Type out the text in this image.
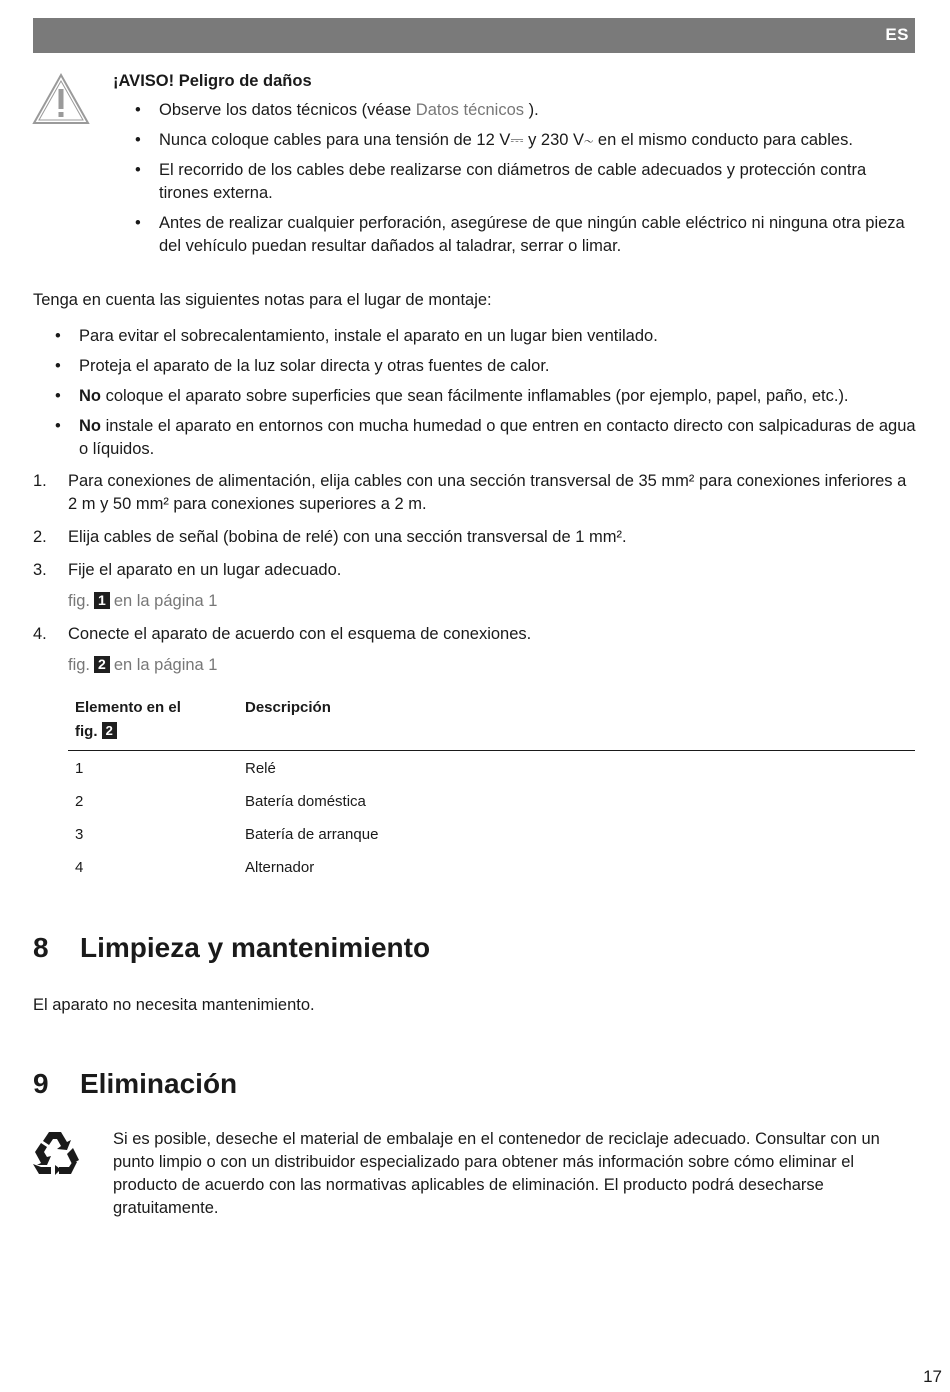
ES

¡AVISO! Peligro de daños

• Observe los datos técnicos (véase Datos técnicos ).
• Nunca coloque cables para una tensión de 12 V⎓ y 230 V∼ en el mismo conducto para cables.
• El recorrido de los cables debe realizarse con diámetros de cable adecuados y protección contra tirones externa.
• Antes de realizar cualquier perforación, asegúrese de que ningún cable eléctrico ni ninguna otra pieza del vehículo puedan resultar dañados al taladrar, serrar o limar.
Tenga en cuenta las siguientes notas para el lugar de montaje:
• Para evitar el sobrecalentamiento, instale el aparato en un lugar bien ventilado.
• Proteja el aparato de la luz solar directa y otras fuentes de calor.
• No coloque el aparato sobre superficies que sean fácilmente inflamables (por ejemplo, papel, paño, etc.).
• No instale el aparato en entornos con mucha humedad o que entren en contacto directo con salpicaduras de agua o líquidos.
1. Para conexiones de alimentación, elija cables con una sección transversal de 35 mm² para conexiones inferiores a 2 m y 50 mm² para conexiones superiores a 2 m.
2. Elija cables de señal (bobina de relé) con una sección transversal de 1 mm².
3. Fije el aparato en un lugar adecuado.
fig. 1 en la página 1
4. Conecte el aparato de acuerdo con el esquema de conexiones.
fig. 2 en la página 1
Elemento en el
fig. 2	Descripción
1	Relé
2	Batería doméstica
3	Batería de arranque
4	Alternador
8 Limpieza y mantenimiento
El aparato no necesita mantenimiento.
9 Eliminación
Si es posible, deseche el material de embalaje en el contenedor de reciclaje adecuado. Consultar con un punto limpio o con un distribuidor especializado para obtener más información sobre cómo eliminar el producto de acuerdo con las normativas aplicables de eliminación. El producto podrá desecharse gratuitamente.
17
